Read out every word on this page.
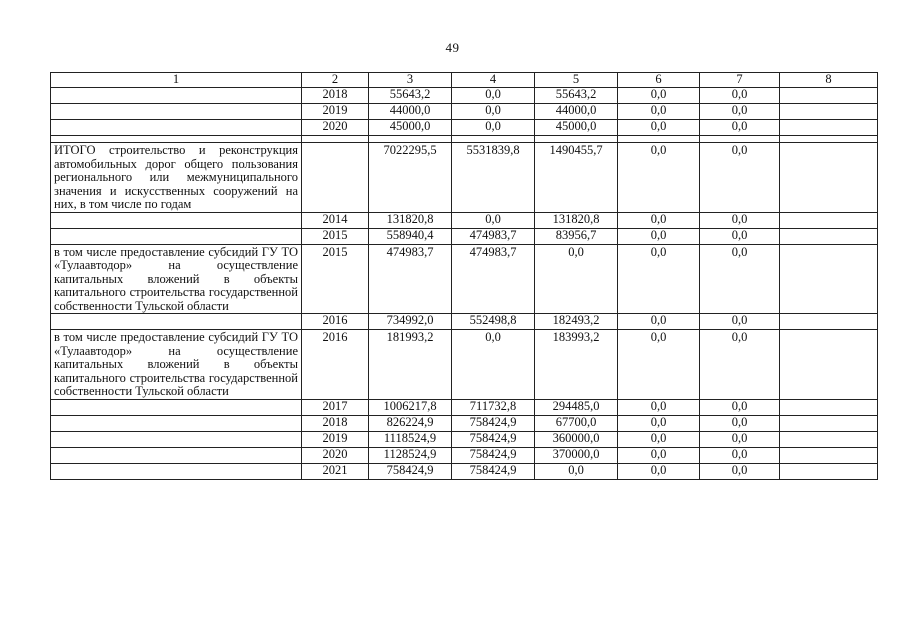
49
1	2	3	4	5	6	7	8
	2018	55643,2	0,0	55643,2	0,0	0,0	
	2019	44000,0	0,0	44000,0	0,0	0,0	
	2020	45000,0	0,0	45000,0	0,0	0,0	

ИТОГО строительство и реконструкция автомобильных дорог общего пользования регионального или межмуниципального значения и искусственных сооружений на них, в том числе по годам		7022295,5	5531839,8	1490455,7	0,0	0,0	
	2014	131820,8	0,0	131820,8	0,0	0,0	
	2015	558940,4	474983,7	83956,7	0,0	0,0	
в том числе предоставление субсидий ГУ ТО «Тулаавтодор» на осуществление капитальных вложений в объекты капитального строительства государственной собственности Тульской области	2015	474983,7	474983,7	0,0	0,0	0,0	
	2016	734992,0	552498,8	182493,2	0,0	0,0	
в том числе предоставление субсидий ГУ ТО «Тулаавтодор» на осуществление капитальных вложений в объекты капитального строительства государственной собственности Тульской области	2016	181993,2	0,0	183993,2	0,0	0,0	
	2017	1006217,8	711732,8	294485,0	0,0	0,0	
	2018	826224,9	758424,9	67700,0	0,0	0,0	
	2019	1118524,9	758424,9	360000,0	0,0	0,0	
	2020	1128524,9	758424,9	370000,0	0,0	0,0	
	2021	758424,9	758424,9	0,0	0,0	0,0	
